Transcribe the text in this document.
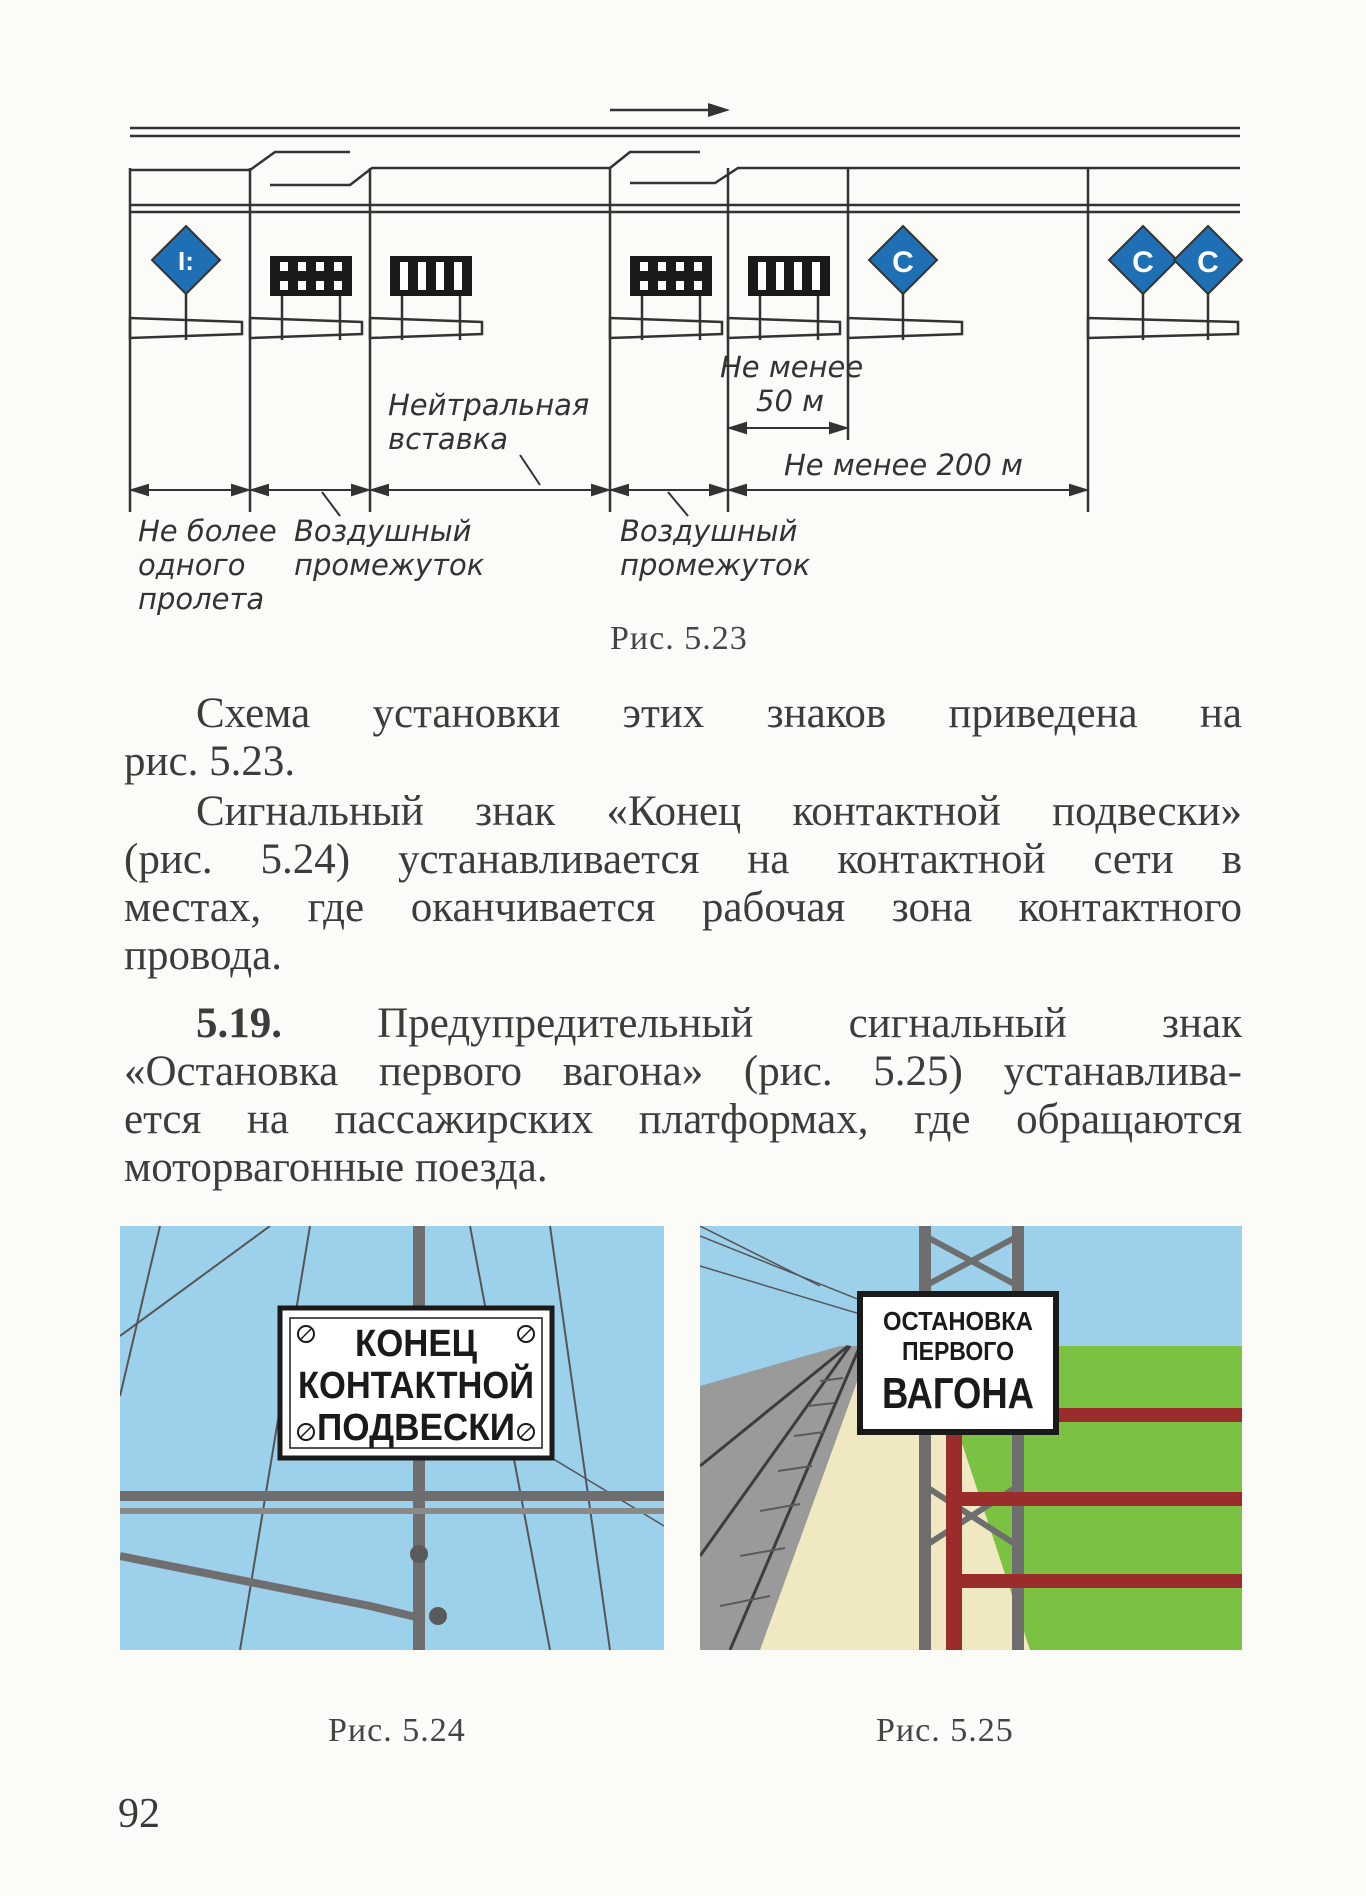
I:	C	C C
Не менее
50 м
Нейтральная
вставка
Не менее 200 м
Не более
одного
пролета
Воздушный
промежуток
Воздушный
промежуток
Рис. 5.23
Схема установки этих знаков приведена на
рис. 5.23.
Сигнальный знак «Конец контактной подвески»
(рис. 5.24) устанавливается на контактной сети в
местах, где оканчивается рабочая зона контактного
провода.
5.19. Предупредительный сигнальный знак
«Остановка первого вагона» (рис. 5.25) устанавлива-
ется на пассажирских платформах, где обращаются
моторвагонные поезда.
КОНЕЦ
КОНТАКТНОЙ
ПОДВЕСКИ
ОСТАНОВКА
ПЕРВОГО
ВАГОНА
Рис. 5.24	Рис. 5.25
92
